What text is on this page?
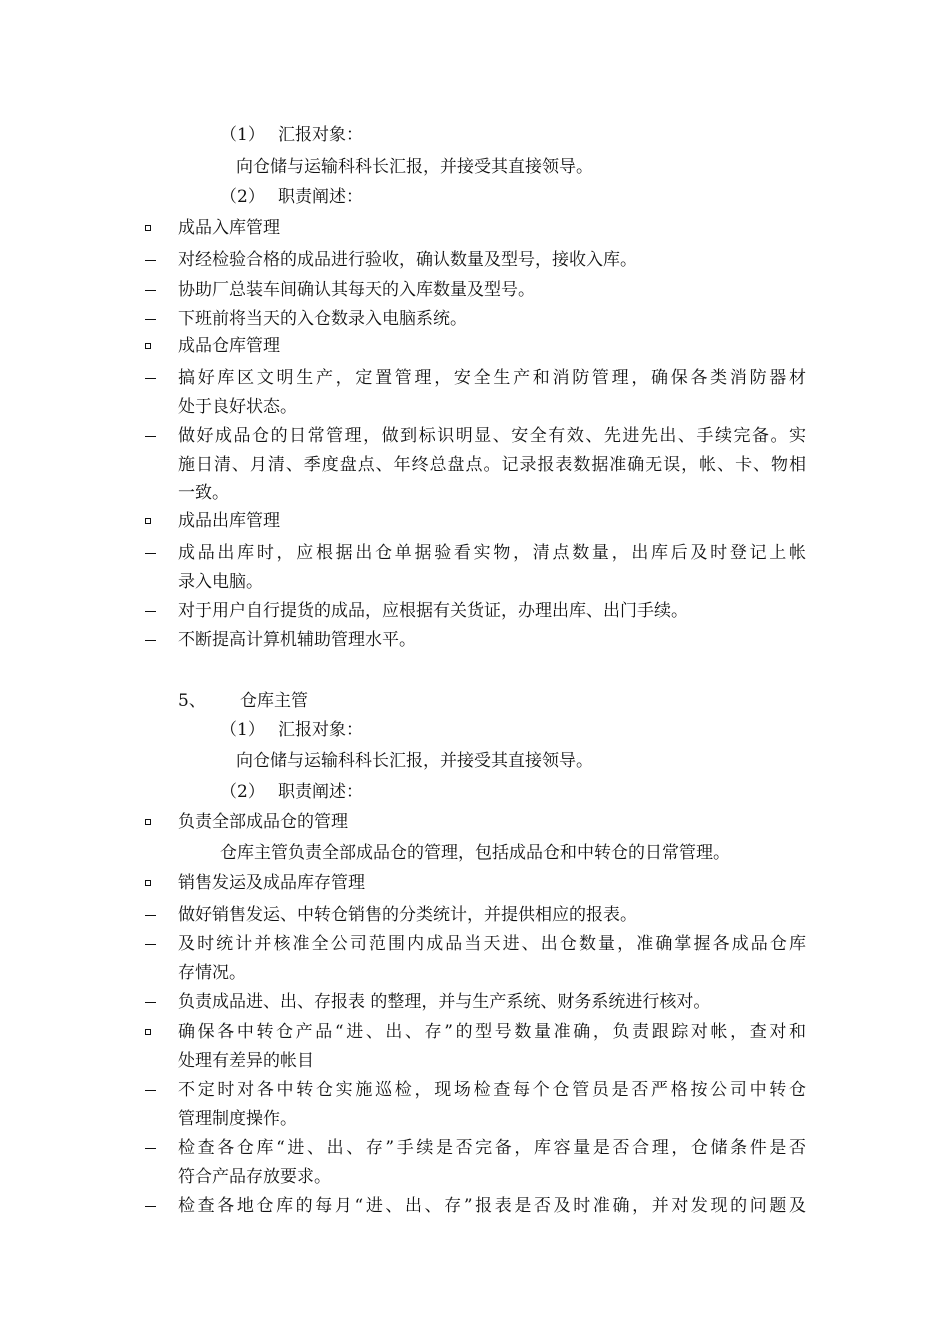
（1） 汇报对象：
向仓储与运输科科长汇报，并接受其直接领导。
（2） 职责阐述：
成品入库管理
对经检验合格的成品进行验收，确认数量及型号，接收入库。
协助厂总装车间确认其每天的入库数量及型号。
下班前将当天的入仓数录入电脑系统。
成品仓库管理
搞好库区文明生产，定置管理，安全生产和消防管理，确保各类消防器材
处于良好状态。
做好成品仓的日常管理，做到标识明显、安全有效、先进先出、手续完备。实
施日清、月清、季度盘点、年终总盘点。记录报表数据准确无误，帐、卡、物相
一致。
成品出库管理
成品出库时，应根据出仓单据验看实物，清点数量，出库后及时登记上帐
录入电脑。
对于用户自行提货的成品，应根据有关货证，办理出库、出门手续。
不断提高计算机辅助管理水平。
5、 仓库主管
（1） 汇报对象：
向仓储与运输科科长汇报，并接受其直接领导。
（2） 职责阐述：
负责全部成品仓的管理
仓库主管负责全部成品仓的管理，包括成品仓和中转仓的日常管理。
销售发运及成品库存管理
做好销售发运、中转仓销售的分类统计，并提供相应的报表。
及时统计并核准全公司范围内成品当天进、出仓数量，准确掌握各成品仓库
存情况。
负责成品进、出、存报表 的整理，并与生产系统、财务系统进行核对。
确保各中转仓产品“进、出、存”的型号数量准确，负责跟踪对帐，查对和
处理有差异的帐目
不定时对各中转仓实施巡检，现场检查每个仓管员是否严格按公司中转仓
管理制度操作。
检查各仓库“进、出、存”手续是否完备，库容量是否合理，仓储条件是否
符合产品存放要求。
检查各地仓库的每月“进、出、存”报表是否及时准确，并对发现的问题及
